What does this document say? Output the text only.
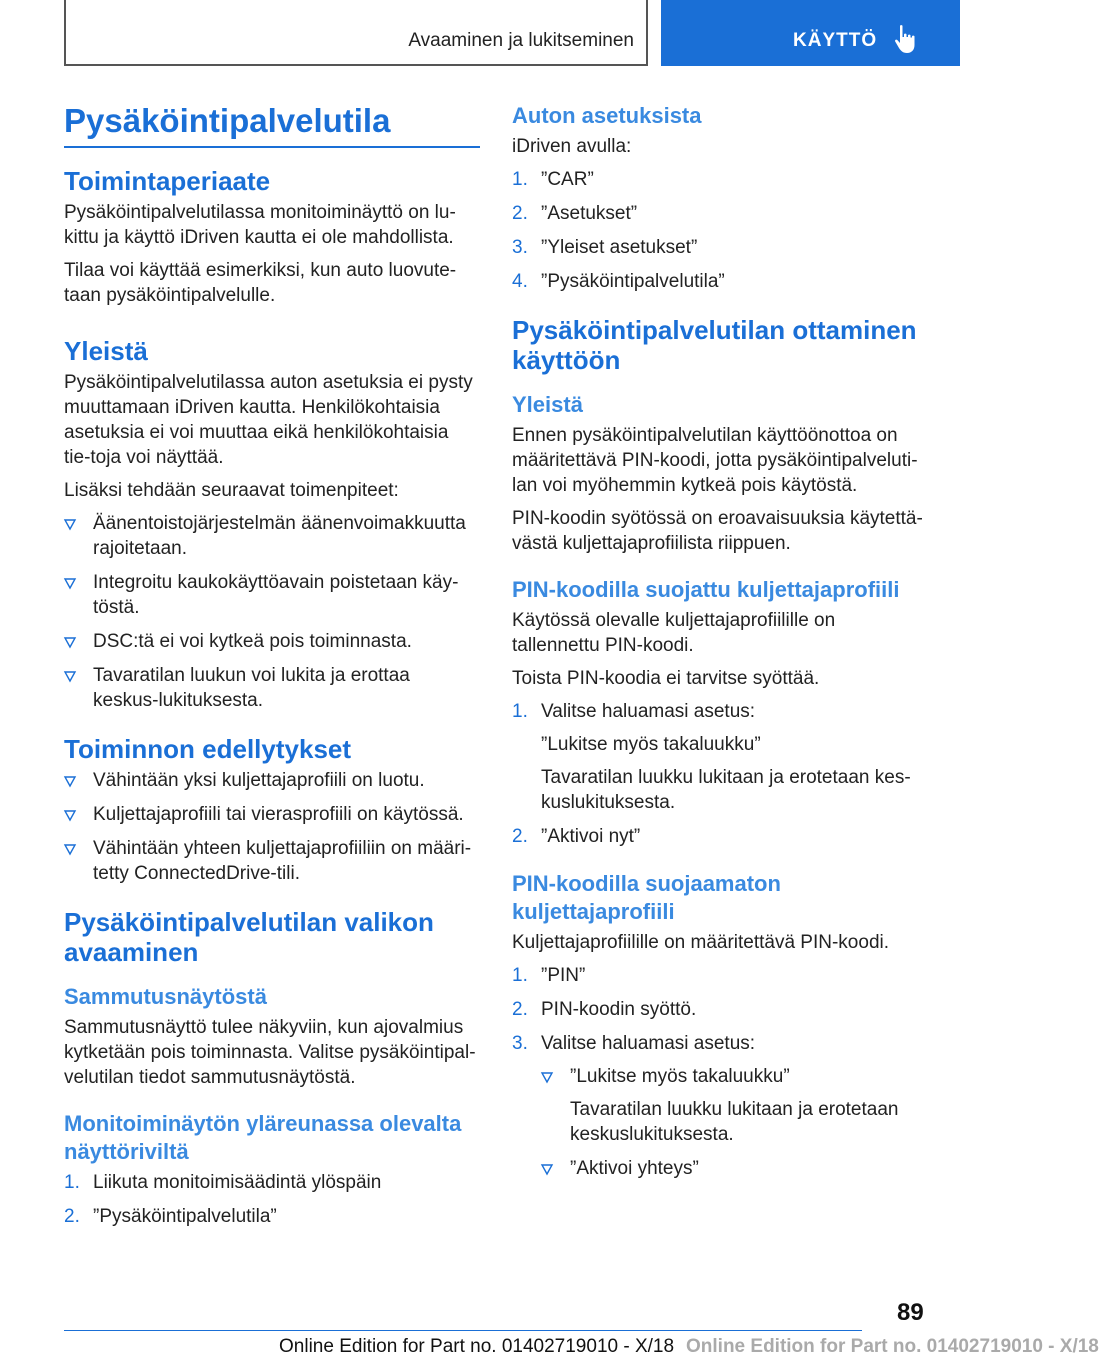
Avaaminen ja lukitseminen	KÄYTTÖ
Pysäköintipalvelutila
Toimintaperiaate

Pysäköintipalvelutilassa monitoiminäyttö on lu‐kittu ja käyttö iDriven kautta ei ole mahdollista.

Tilaa voi käyttää esimerkiksi, kun auto luovute‐taan pysäköintipalvelulle.

Yleistä

Pysäköintipalvelutilassa auton asetuksia ei pysty muuttamaan iDriven kautta. Henkilökohtaisia asetuksia ei voi muuttaa eikä henkilökohtaisia tie‐toja voi näyttää.

Lisäksi tehdään seuraavat toimenpiteet:

Äänentoistojärjestelmän äänenvoimakkuutta rajoitetaan.
Integroitu kaukokäyttöavain poistetaan käy‐töstä.
DSC:tä ei voi kytkeä pois toiminnasta.
Tavaratilan luukun voi lukita ja erottaa keskus‐lukituksesta.
Toiminnon edellytykset
Vähintään yksi kuljettajaprofiili on luotu.
Kuljettajaprofiili tai vierasprofiili on käytössä.
Vähintään yhteen kuljettajaprofiiliin on määri‐tetty ConnectedDrive-tili.
Pysäköintipalvelutilan valikon avaaminen
Sammutusnäytöstä

Sammutusnäyttö tulee näkyviin, kun ajovalmius kytketään pois toiminnasta. Valitse pysäköintipal‐velutilan tiedot sammutusnäytöstä.

Monitoiminäytön yläreunassa olevalta näyttöriviltä
1. Liikuta monitoimisäädintä ylöspäin
2. ”Pysäköintipalvelutila”
Auton asetuksista

iDriven avulla:

1. ”CAR”
2. ”Asetukset”
3. ”Yleiset asetukset”
4. ”Pysäköintipalvelutila”
Pysäköintipalvelutilan ottaminen käyttöön
Yleistä

Ennen pysäköintipalvelutilan käyttöönottoa on määritettävä PIN-koodi, jotta pysäköintipalveluti‐lan voi myöhemmin kytkeä pois käytöstä.

PIN-koodin syötössä on eroavaisuuksia käytettä‐västä kuljettajaprofiilista riippuen.

PIN-koodilla suojattu kuljettajaprofiili

Käytössä olevalle kuljettajaprofiilille on tallennettu PIN-koodi.

Toista PIN-koodia ei tarvitse syöttää.

1. Valitse haluamasi asetus:
”Lukitse myös takaluukku”
Tavaratilan luukku lukitaan ja erotetaan kes‐kuslukituksesta.
2. ”Aktivoi nyt”
PIN-koodilla suojaamaton kuljettajaprofiili

Kuljettajaprofiilille on määritettävä PIN-koodi.

1. ”PIN”
2. PIN-koodin syöttö.
3. Valitse haluamasi asetus:
”Lukitse myös takaluukku”
Tavaratilan luukku lukitaan ja erotetaan keskuslukituksesta.
”Aktivoi yhteys”
89
Online Edition for Part no. 01402719010 - X/18 Online Edition for Part no. 01402719010 - X/18
